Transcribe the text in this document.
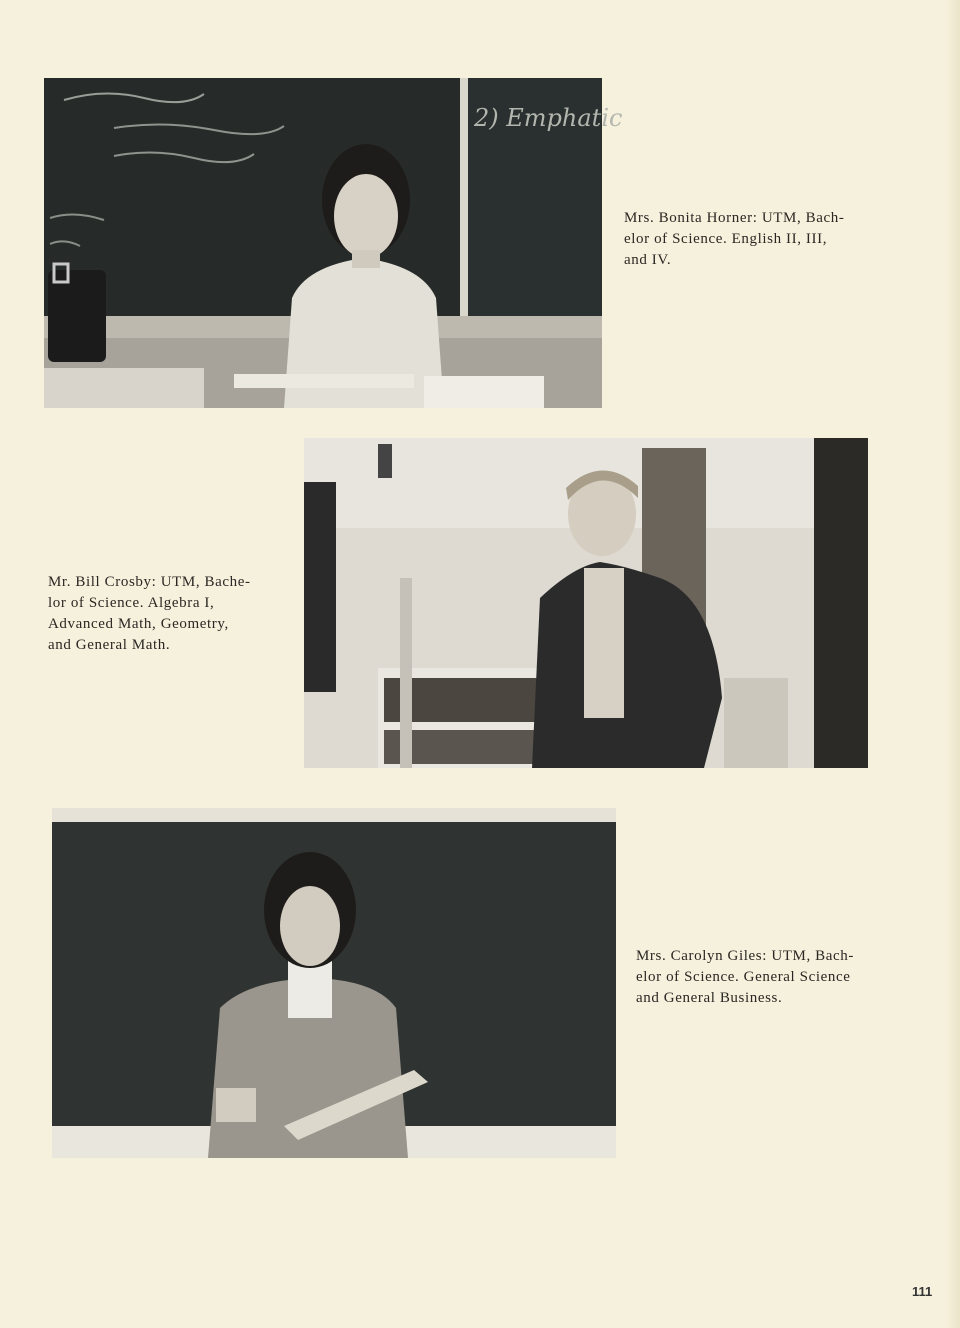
2) Emphatic
Mrs. Bonita Horner: UTM, Bach-
elor of Science. English II, III,
and IV.
Mr. Bill Crosby: UTM, Bache-
lor of Science. Algebra I,
Advanced Math, Geometry,
and General Math.
Mrs. Carolyn Giles: UTM, Bach-
elor of Science. General Science
and General Business.
111
